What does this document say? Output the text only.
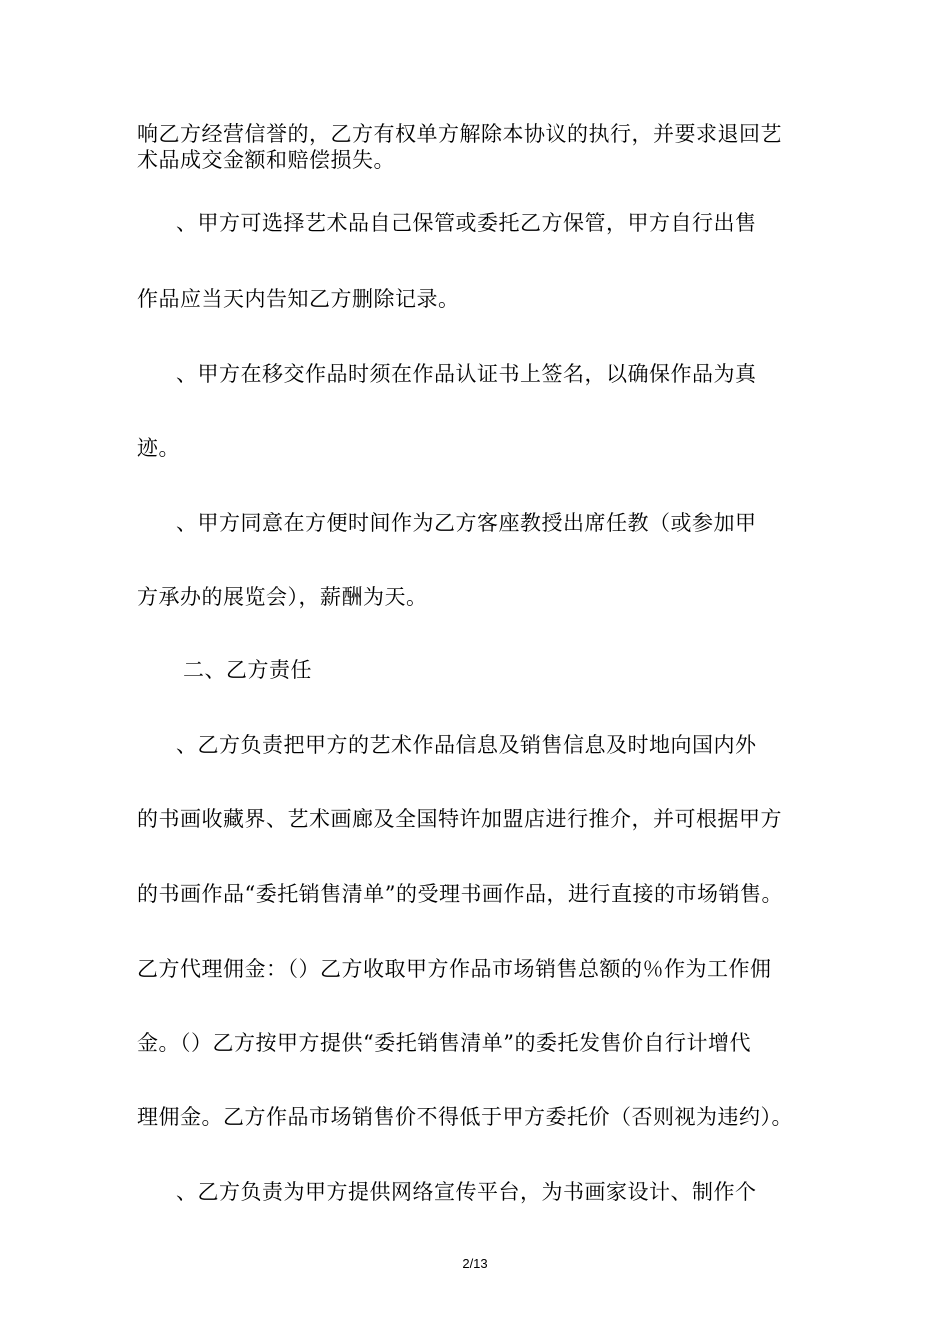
响乙方经营信誉的，乙方有权单方解除本协议的执行，并要求退回艺
术品成交金额和赔偿损失。
、甲方可选择艺术品自己保管或委托乙方保管，甲方自行出售
作品应当天内告知乙方删除记录。
、甲方在移交作品时须在作品认证书上签名，以确保作品为真
迹。
、甲方同意在方便时间作为乙方客座教授出席任教（或参加甲
方承办的展览会），薪酬为天。
二、乙方责任
、乙方负责把甲方的艺术作品信息及销售信息及时地向国内外
的书画收藏界、艺术画廊及全国特许加盟店进行推介，并可根据甲方
的书画作品“委托销售清单”的受理书画作品，进行直接的市场销售。
乙方代理佣金：（）乙方收取甲方作品市场销售总额的％作为工作佣
金。（）乙方按甲方提供“委托销售清单”的委托发售价自行计增代
理佣金。乙方作品市场销售价不得低于甲方委托价（否则视为违约）。
、乙方负责为甲方提供网络宣传平台，为书画家设计、制作个
2/13
